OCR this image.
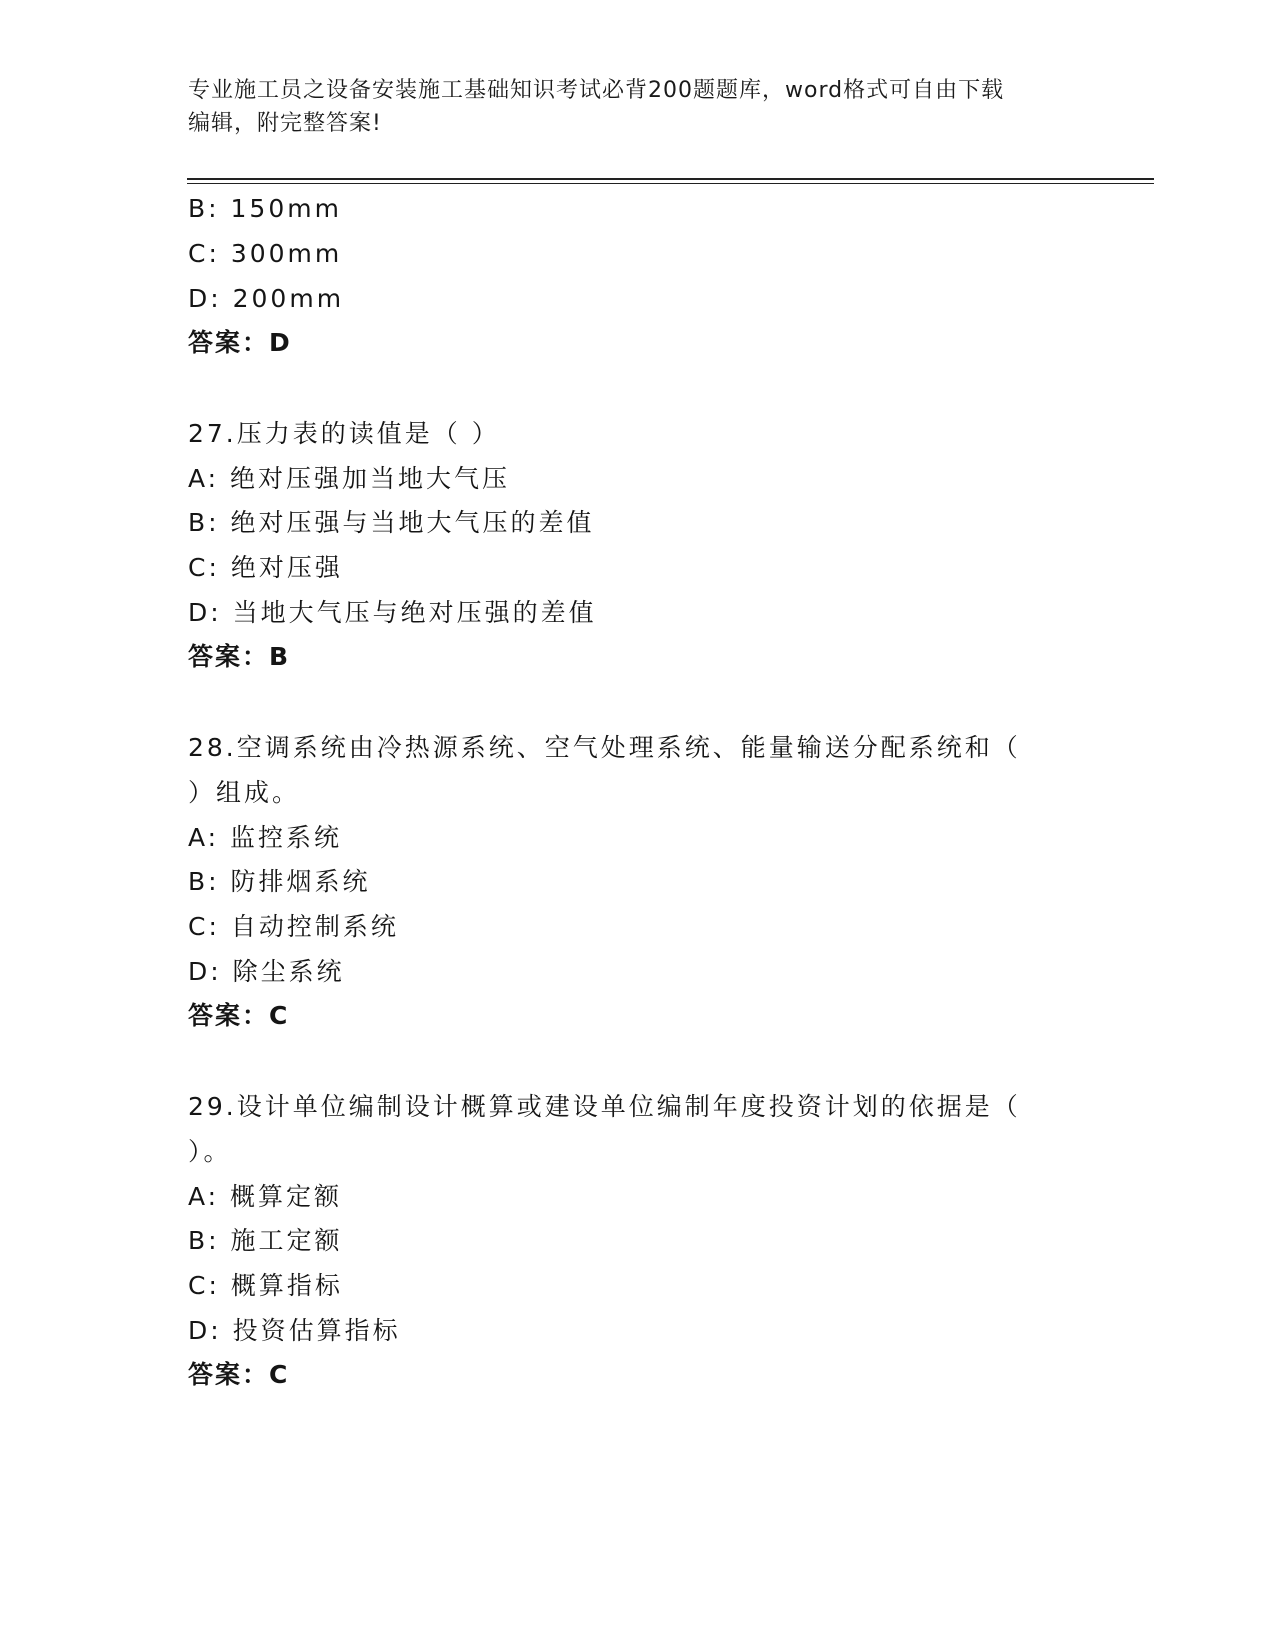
专业施工员之设备安装施工基础知识考试必背200题题库，word格式可自由下载
编辑，附完整答案!
B: 150mm
C: 300mm
D: 200mm
答案：D
27.压力表的读值是（ ）
A: 绝对压强加当地大气压
B: 绝对压强与当地大气压的差值
C: 绝对压强
D: 当地大气压与绝对压强的差值
答案：B
28.空调系统由冷热源系统、空气处理系统、能量输送分配系统和（
）组成。
A: 监控系统
B: 防排烟系统
C: 自动控制系统
D: 除尘系统
答案：C
29.设计单位编制设计概算或建设单位编制年度投资计划的依据是（
）。
A: 概算定额
B: 施工定额
C: 概算指标
D: 投资估算指标
答案：C
